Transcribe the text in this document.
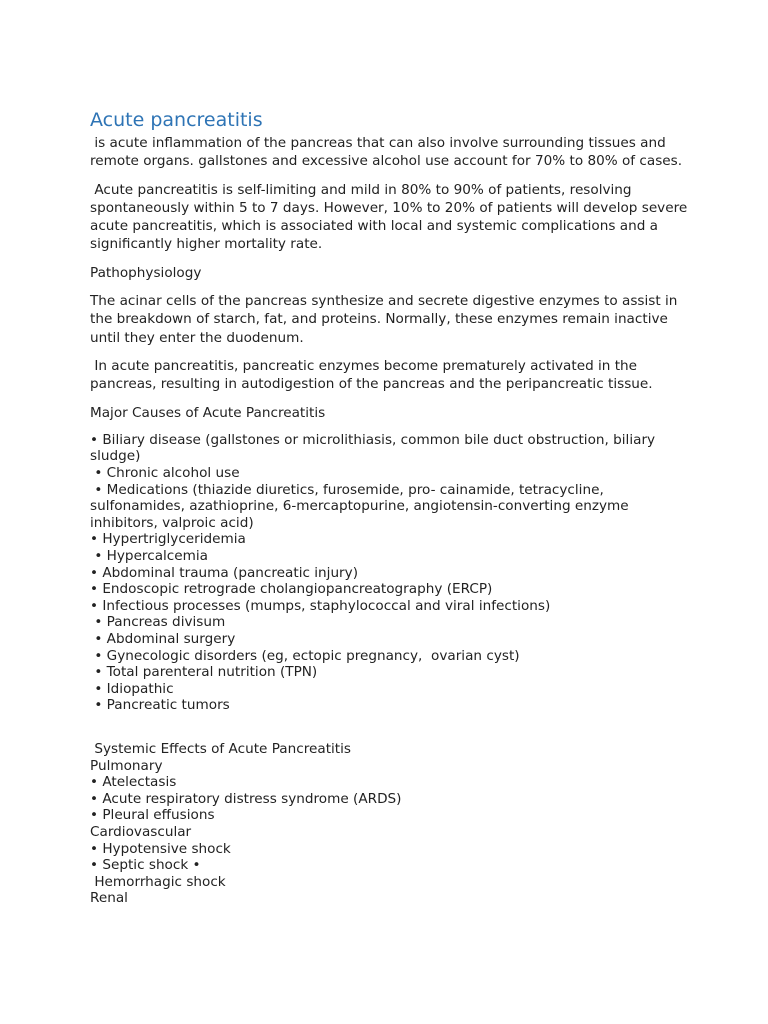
Acute pancreatitis

is acute inflammation of the pancreas that can also involve surrounding tissues and remote organs. gallstones and excessive alcohol use account for 70% to 80% of cases.

Acute pancreatitis is self-limiting and mild in 80% to 90% of patients, resolving spontaneously within 5 to 7 days. However, 10% to 20% of patients will develop severe acute pancreatitis, which is associated with local and systemic complications and a significantly higher mortality rate.

Pathophysiology

The acinar cells of the pancreas synthesize and secrete digestive enzymes to assist in the breakdown of starch, fat, and proteins. Normally, these enzymes remain inactive until they enter the duodenum.

In acute pancreatitis, pancreatic enzymes become prematurely activated in the pancreas, resulting in autodigestion of the pancreas and the peripancreatic tissue.

Major Causes of Acute Pancreatitis

• Biliary disease (gallstones or microlithiasis, common bile duct obstruction, biliary sludge)
• Chronic alcohol use
• Medications (thiazide diuretics, furosemide, pro- cainamide, tetracycline, sulfonamides, azathioprine, 6-mercaptopurine, angiotensin-converting enzyme inhibitors, valproic acid)
• Hypertriglyceridemia
• Hypercalcemia
• Abdominal trauma (pancreatic injury)
• Endoscopic retrograde cholangiopancreatography (ERCP)
• Infectious processes (mumps, staphylococcal and viral infections)
• Pancreas divisum
• Abdominal surgery
• Gynecologic disorders (eg, ectopic pregnancy,  ovarian cyst)
• Total parenteral nutrition (TPN)
• Idiopathic
• Pancreatic tumors
Systemic Effects of Acute Pancreatitis
Pulmonary
• Atelectasis
• Acute respiratory distress syndrome (ARDS)
• Pleural effusions
Cardiovascular
• Hypotensive shock
• Septic shock •
Hemorrhagic shock
Renal
